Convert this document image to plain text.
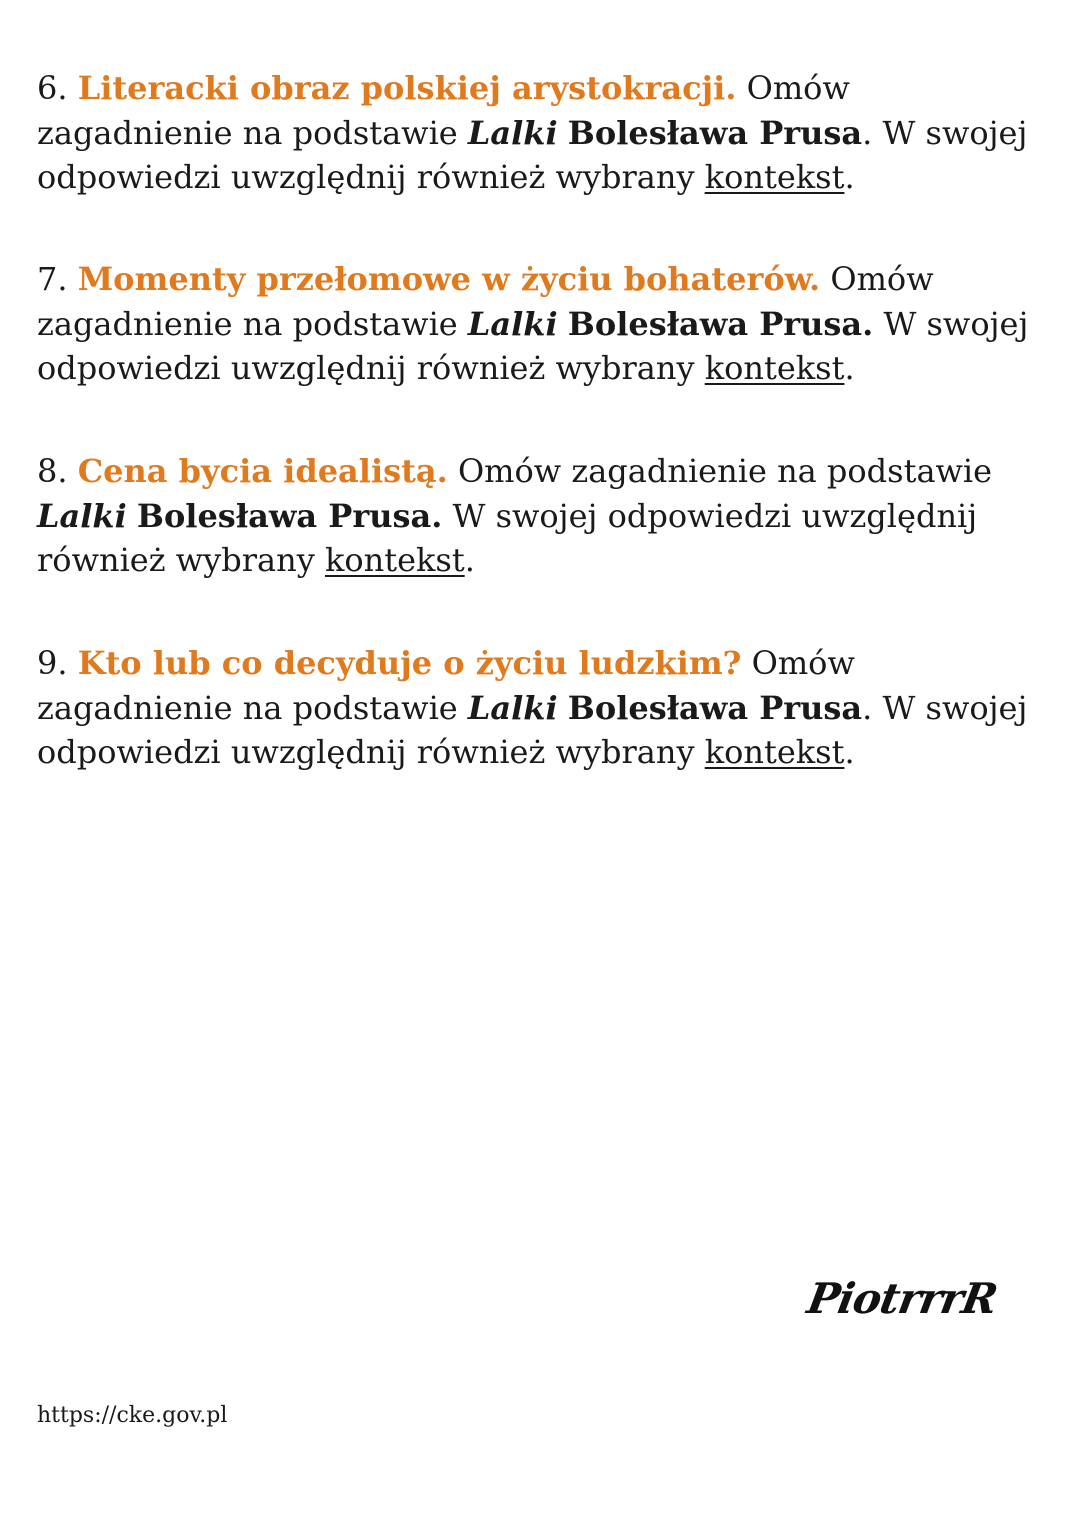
6. Literacki obraz polskiej arystokracji. Omów zagadnienie na podstawie Lalki Bolesława Prusa. W swojej odpowiedzi uwzględnij również wybrany kontekst.

7. Momenty przełomowe w życiu bohaterów. Omów zagadnienie na podstawie Lalki Bolesława Prusa. W swojej odpowiedzi uwzględnij również wybrany kontekst.

8. Cena bycia idealistą. Omów zagadnienie na podstawie Lalki Bolesława Prusa. W swojej odpowiedzi uwzględnij również wybrany kontekst.

9. Kto lub co decyduje o życiu ludzkim? Omów zagadnienie na podstawie Lalki Bolesława Prusa. W swojej odpowiedzi uwzględnij również wybrany kontekst.

PiotrrrR
https://cke.gov.pl
